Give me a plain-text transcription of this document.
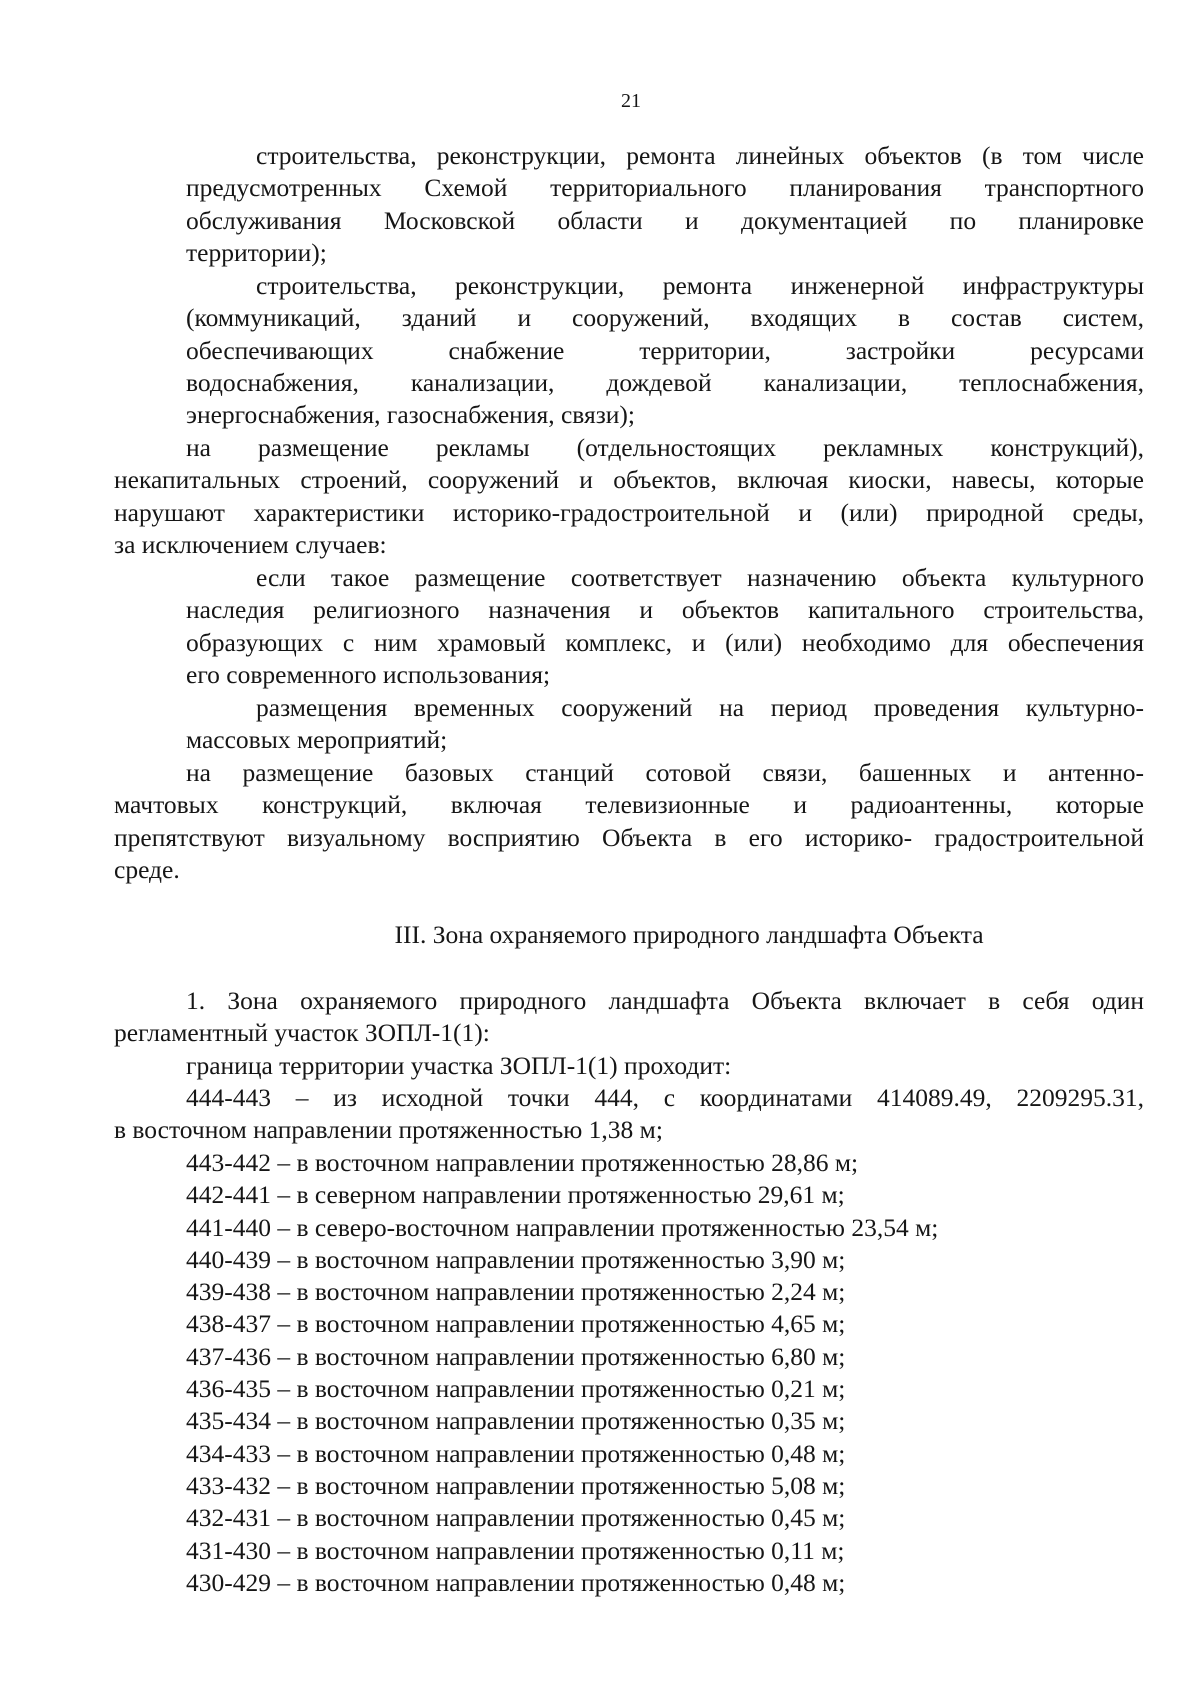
21
строительства, реконструкции, ремонта линейных объектов (в том числе
предусмотренных Схемой территориального планирования транспортного
обслуживания Московской области и документацией по планировке
территории);
строительства, реконструкции, ремонта инженерной инфраструктуры
(коммуникаций, зданий и сооружений, входящих в состав систем,
обеспечивающих снабжение территории, застройки ресурсами
водоснабжения, канализации, дождевой канализации, теплоснабжения,
энергоснабжения, газоснабжения, связи);
на размещение рекламы (отдельностоящих рекламных конструкций),
некапитальных строений, сооружений и объектов, включая киоски, навесы, которые
нарушают характеристики историко-градостроительной и (или) природной среды,
за исключением случаев:
если такое размещение соответствует назначению объекта культурного
наследия религиозного назначения и объектов капитального строительства,
образующих с ним храмовый комплекс, и (или) необходимо для обеспечения
его современного использования;
размещения временных сооружений на период проведения культурно-
массовых мероприятий;
на размещение базовых станций сотовой связи, башенных и антенно-
мачтовых конструкций, включая телевизионные и радиоантенны, которые
препятствуют визуальному восприятию Объекта в его историко- градостроительной
среде.
III. Зона охраняемого природного ландшафта Объекта
1. Зона охраняемого природного ландшафта Объекта включает в себя один
регламентный участок ЗОПЛ-1(1):
граница территории участка ЗОПЛ-1(1) проходит:
444-443 – из исходной точки 444, с координатами 414089.49, 2209295.31,
в восточном направлении протяженностью 1,38 м;
443-442 – в восточном направлении протяженностью 28,86 м;
442-441 – в северном направлении протяженностью 29,61 м;
441-440 – в северо-восточном направлении протяженностью 23,54 м;
440-439 – в восточном направлении протяженностью 3,90 м;
439-438 – в восточном направлении протяженностью 2,24 м;
438-437 – в восточном направлении протяженностью 4,65 м;
437-436 – в восточном направлении протяженностью 6,80 м;
436-435 – в восточном направлении протяженностью 0,21 м;
435-434 – в восточном направлении протяженностью 0,35 м;
434-433 – в восточном направлении протяженностью 0,48 м;
433-432 – в восточном направлении протяженностью 5,08 м;
432-431 – в восточном направлении протяженностью 0,45 м;
431-430 – в восточном направлении протяженностью 0,11 м;
430-429 – в восточном направлении протяженностью 0,48 м;
